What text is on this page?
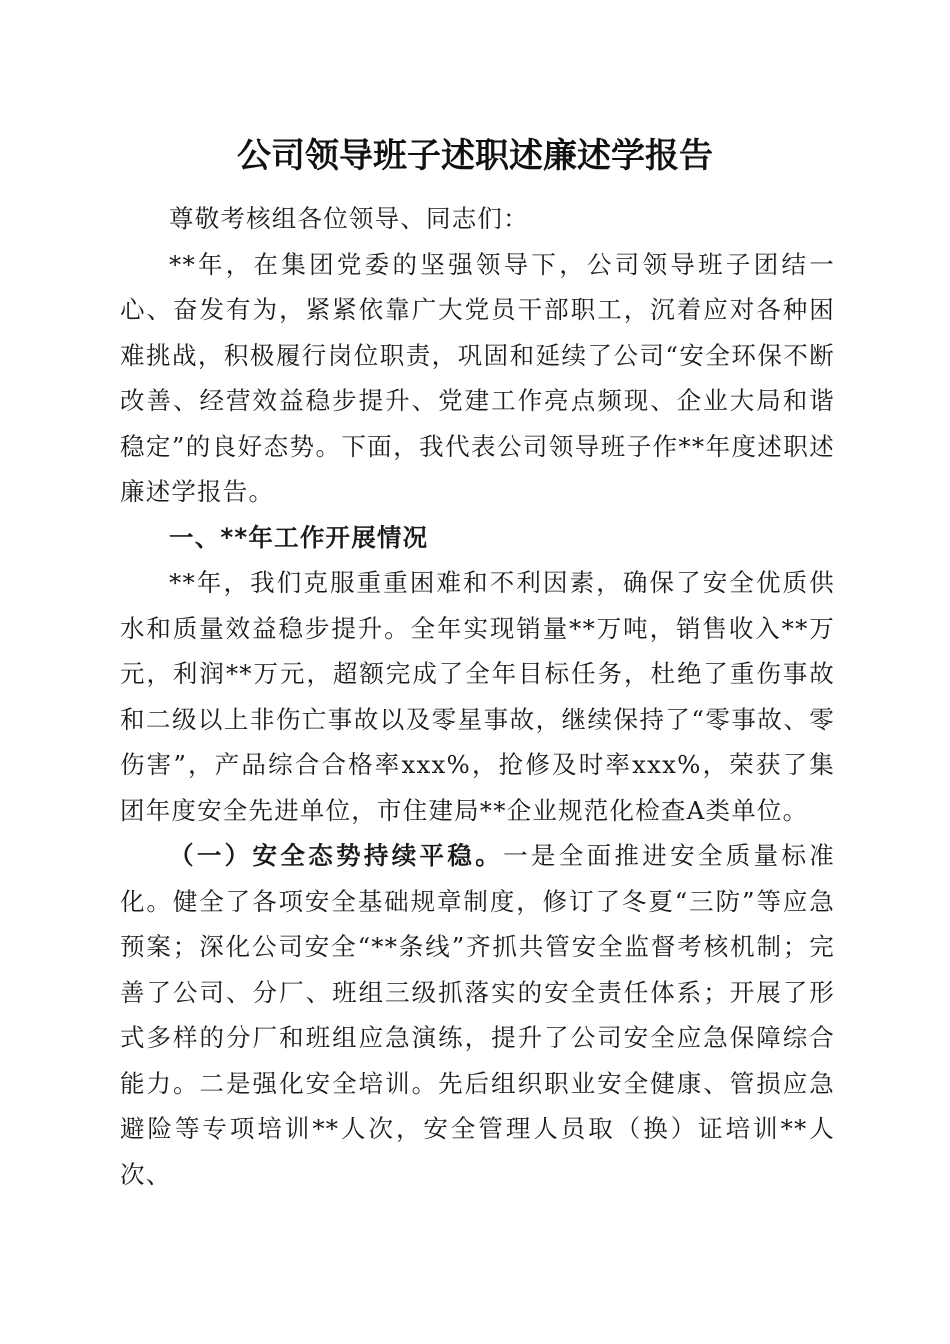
公司领导班子述职述廉述学报告

尊敬考核组各位领导、同志们：

**年，在集团党委的坚强领导下，公司领导班子团结一心、奋发有为，紧紧依靠广大党员干部职工，沉着应对各种困难挑战，积极履行岗位职责，巩固和延续了公司“安全环保不断改善、经营效益稳步提升、党建工作亮点频现、企业大局和谐稳定”的良好态势。下面，我代表公司领导班子作**年度述职述廉述学报告。

一、**年工作开展情况

**年，我们克服重重困难和不利因素，确保了安全优质供水和质量效益稳步提升。全年实现销量**万吨，销售收入**万元，利润**万元，超额完成了全年目标任务，杜绝了重伤事故和二级以上非伤亡事故以及零星事故，继续保持了“零事故、零伤害”，产品综合合格率xxx%，抢修及时率xxx%，荣获了集团年度安全先进单位，市住建局**企业规范化检查A类单位。

（一）安全态势持续平稳。一是全面推进安全质量标准化。健全了各项安全基础规章制度，修订了冬夏“三防”等应急预案；深化公司安全“**条线”齐抓共管安全监督考核机制；完善了公司、分厂、班组三级抓落实的安全责任体系；开展了形式多样的分厂和班组应急演练，提升了公司安全应急保障综合能力。二是强化安全培训。先后组织职业安全健康、管损应急避险等专项培训**人次，安全管理人员取（换）证培训**人次、
